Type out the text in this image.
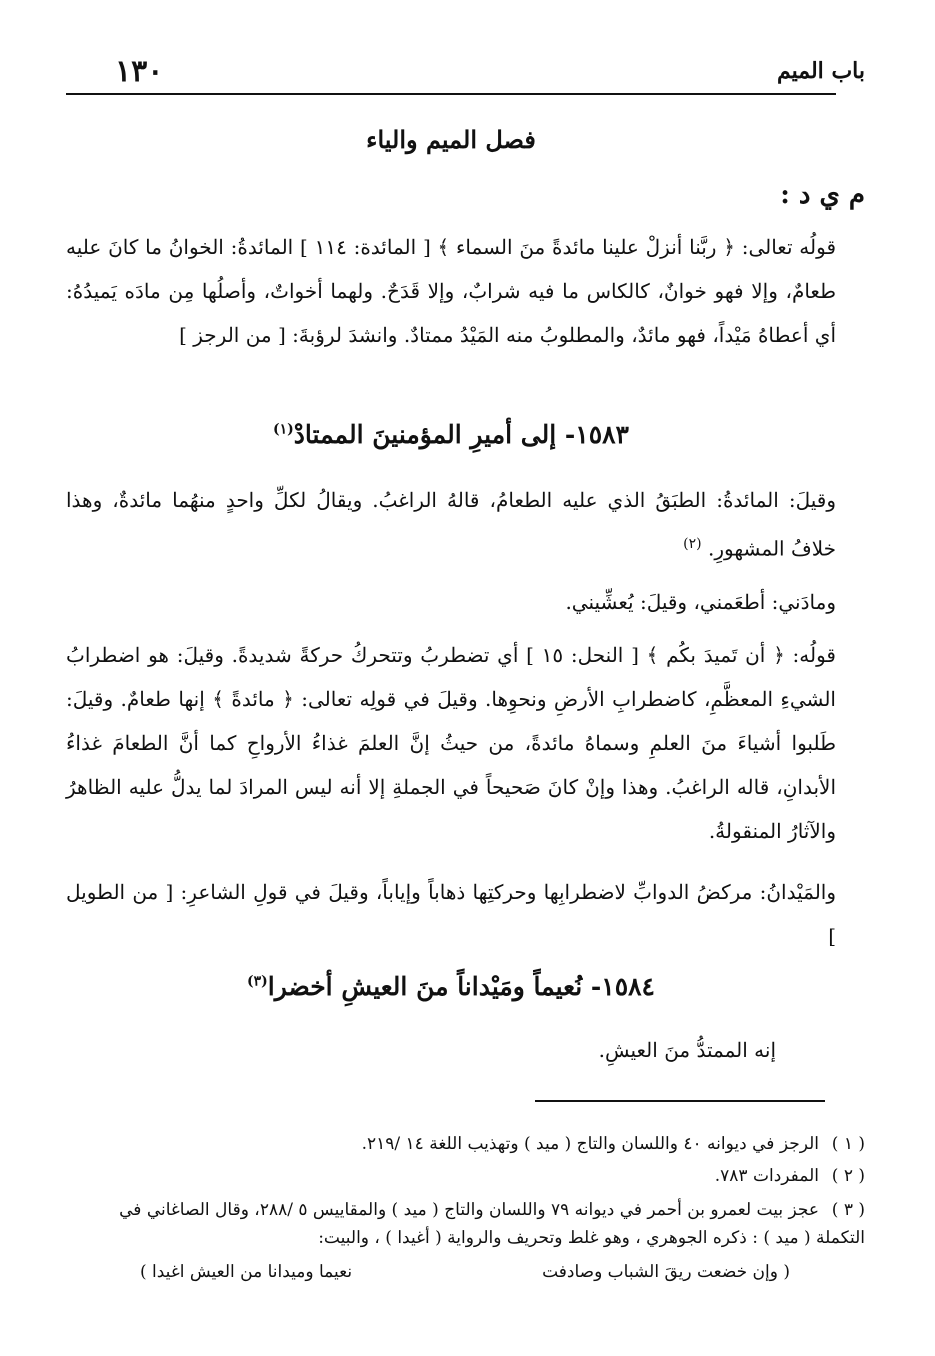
باب الميم
١٣٠
فصل الميم والياء
م ي د :
قولُه تعالى: ﴿ ربَّنا أنزلْ علينا مائدةً منَ السماء ﴾ [ المائدة: ١١٤ ] المائدةُ: الخوانُ ما كانَ عليه طعامٌ، وإلا فهو خوانٌ، كالكاس ما فيه شرابٌ، وإلا قَدَحٌ. ولهما أخواتٌ، وأصلُها مِن مادَه يَميدُهُ: أي أعطاهُ مَيْداً، فهو مائدٌ، والمطلوبُ منه المَيْدُ ممتادٌ. وانشدَ لرؤبةَ: [ من الرجز ]
١٥٨٣- إلى أميرِ المؤمنينَ الممتادْ$^{(١)}$
وقيلَ: المائدةُ: الطبَقُ الذي عليه الطعامُ، قالهُ الراغبُ. ويقالُ لكلِّ واحدٍ منهُما مائدةٌ، وهذا خلافُ المشهورِ. $^{(٢)}$
ومادَني: أطعَمني، وقيلَ: يُعشِّيني.
قولُه: ﴿ أن تَميدَ بكُم ﴾ [ النحل: ١٥ ] أي تضطربُ وتتحركُ حركةً شديدةً. وقيلَ: هو اضطرابُ الشيءِ المعظَّمِ، كاضطرابِ الأرضِ ونحوِها. وقيلَ في قولِه تعالى: ﴿ مائدةً ﴾ إنها طعامٌ. وقيلَ: طَلبوا أشياءَ منَ العلمِ وسماهُ مائدةً، من حيثُ إنَّ العلمَ غذاءُ الأرواحِ كما أنَّ الطعامَ غذاءُ الأبدانِ، قاله الراغبُ. وهذا وإنْ كانَ صَحيحاً في الجملةِ إلا أنه ليس المرادَ لما يدلُّ عليه الظاهرُ والآثارُ المنقولةُ.
والمَيْدانُ: مركضُ الدوابِّ لاضطرابِها وحركتِها ذهاباً وإياباً، وقيلَ في قولِ الشاعرِ: [ من الطويل ]
١٥٨٤- نُعيماً ومَيْداناً منَ العيشِ أخضرا$^{(٣)}$
إنه الممتدُّ منَ العيشِ.
( ١ )الرجز في ديوانه ٤٠ واللسان والتاج ( ميد ) وتهذيب اللغة ١٤ /٢١٩.
( ٢ )المفردات ٧٨٣.
( ٣ )عجز بيت لعمرو بن أحمر في ديوانه ٧٩ واللسان والتاج ( ميد ) والمقاييس ٥ /٢٨٨، وقال الصاغاني في التكملة ( ميد ) : ذكره الجوهري ، وهو غلط وتحريف والرواية ( أغيدا ) ، والبيت:
( وإن خضعت ريقَ الشباب وصادفت
نعيما وميدانا من العيش اغيدا )
